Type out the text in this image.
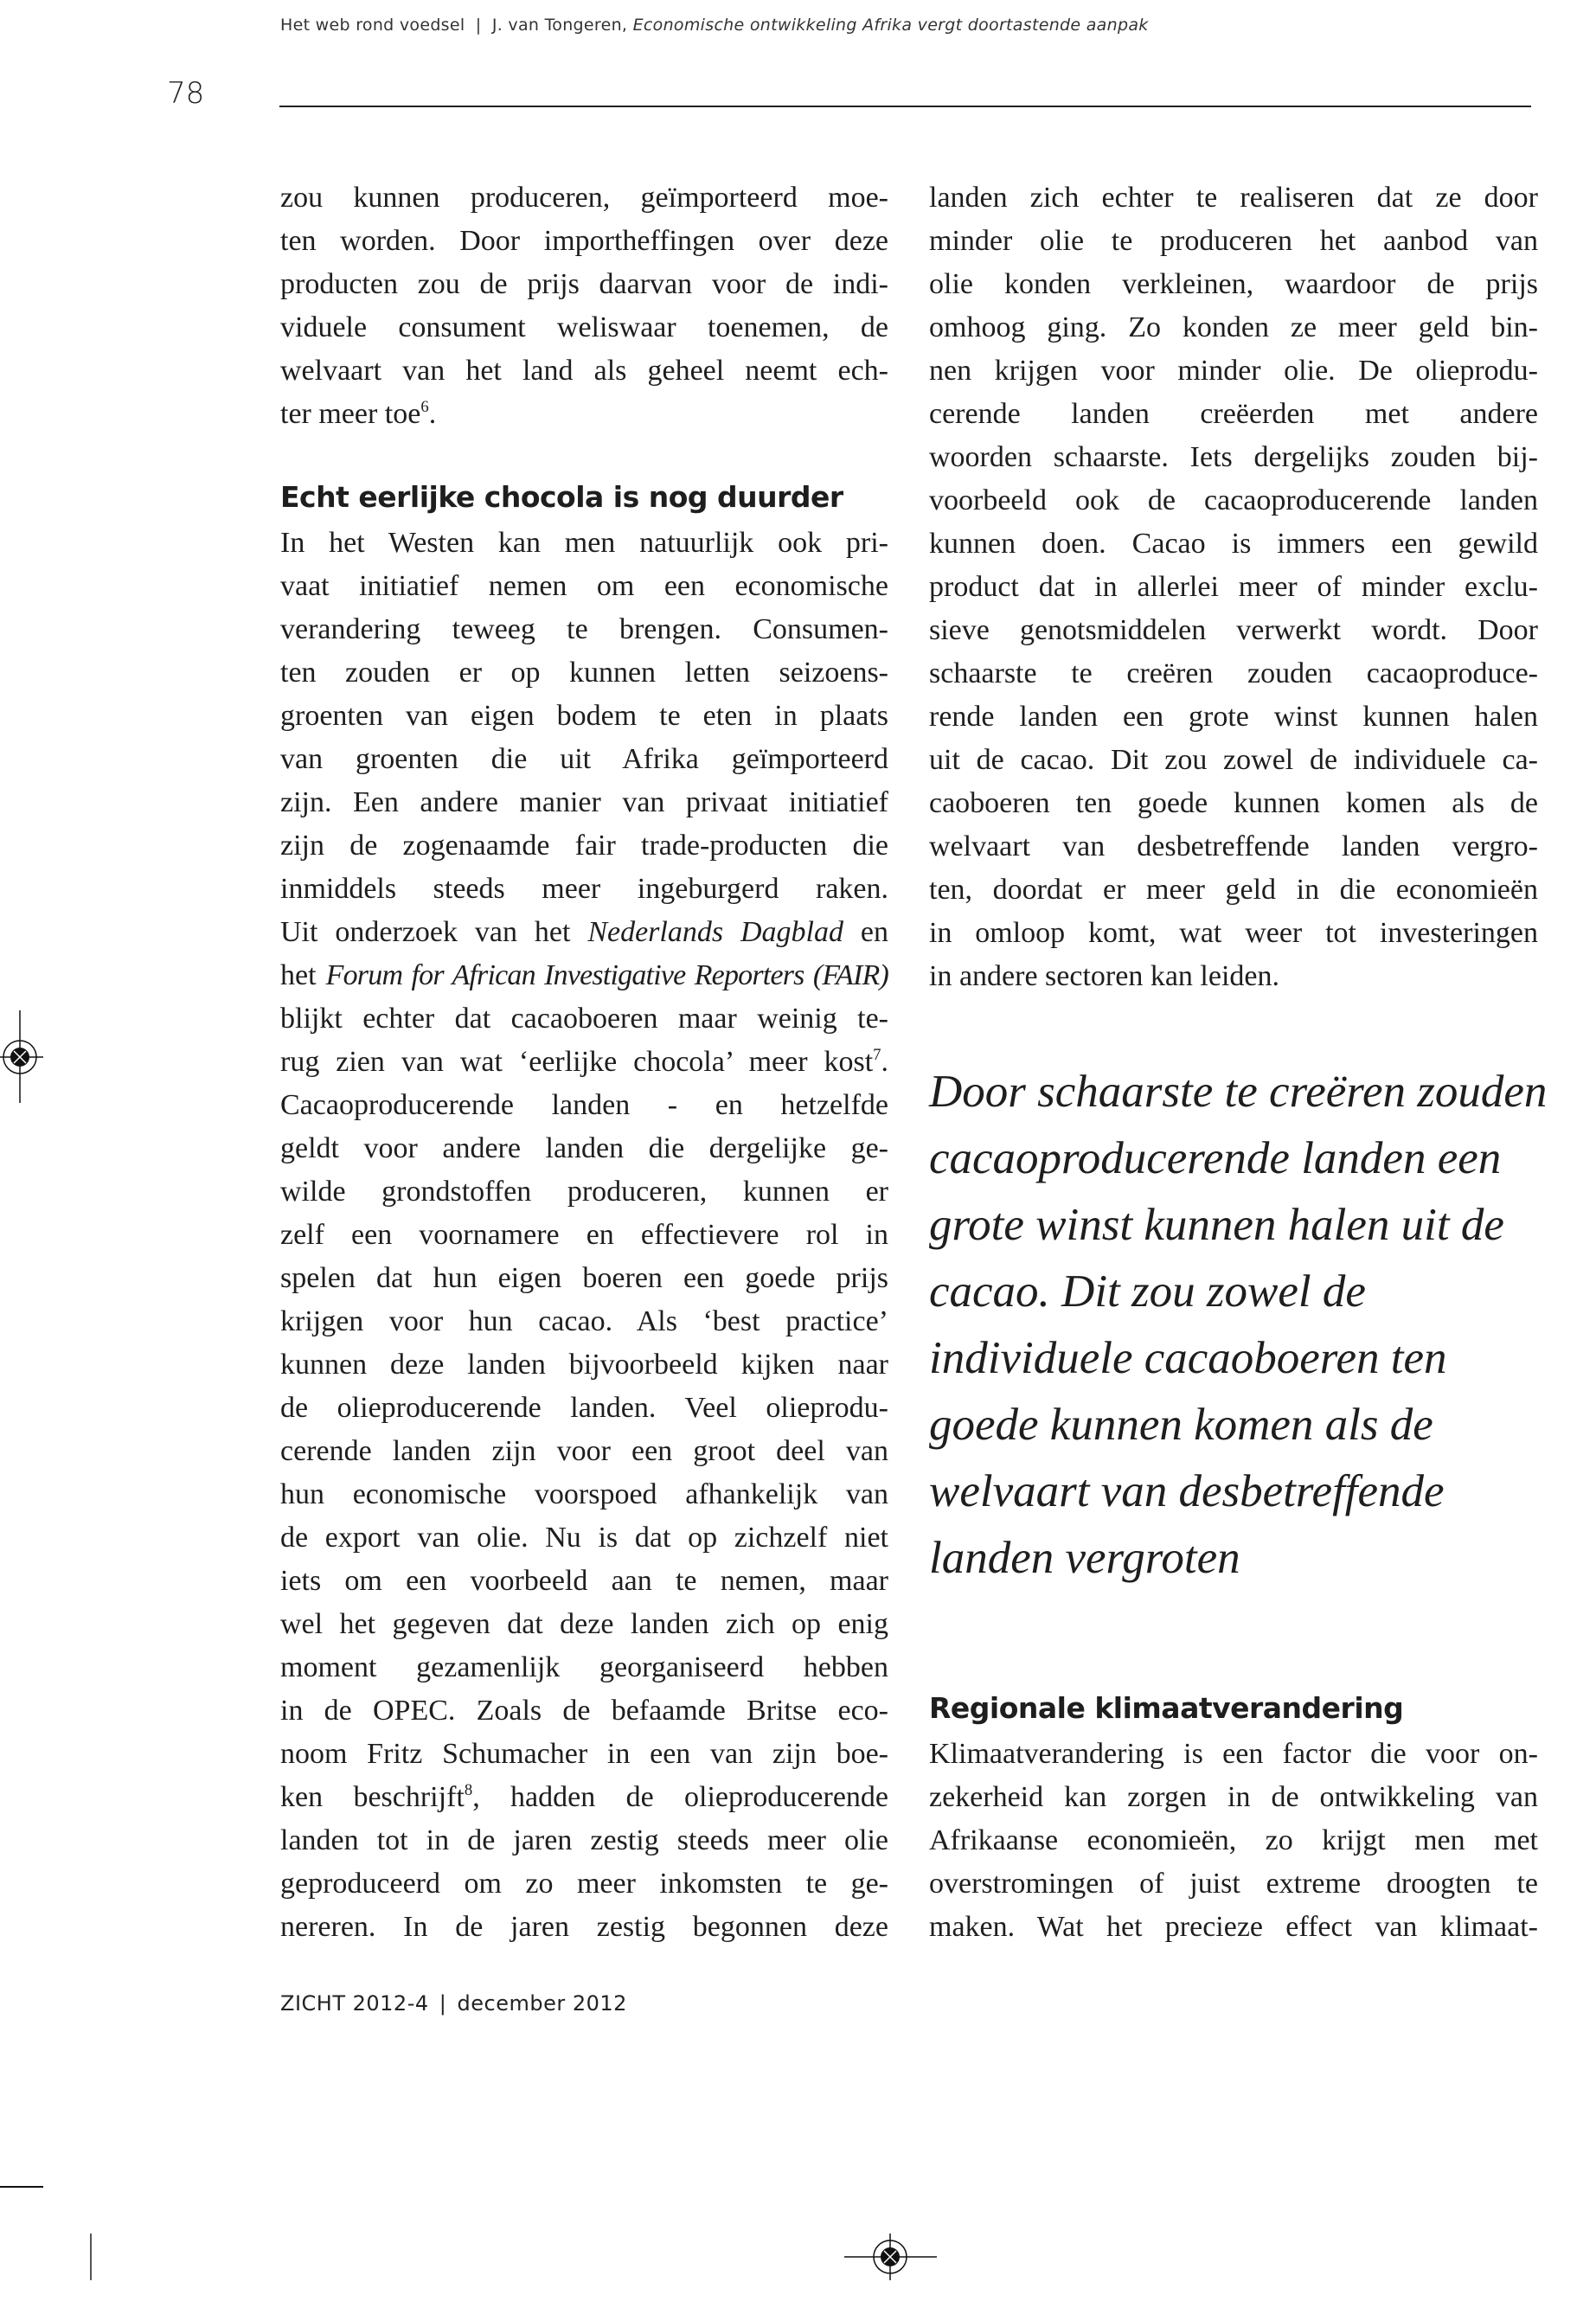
Het web rond voedsel | J. van Tongeren, Economische ontwikkeling Afrika vergt doortastende aanpak
78
zou kunnen produceren, geïmporteerd moe-
ten worden. Door importheffingen over deze
producten zou de prijs daarvan voor de indi-
viduele consument weliswaar toenemen, de
welvaart van het land als geheel neemt ech-
ter meer toe$^6$.
Echt eerlijke chocola is nog duurder
In het Westen kan men natuurlijk ook pri-
vaat initiatief nemen om een economische
verandering teweeg te brengen. Consumen-
ten zouden er op kunnen letten seizoens-
groenten van eigen bodem te eten in plaats
van groenten die uit Afrika geïmporteerd
zijn. Een andere manier van privaat initiatief
zijn de zogenaamde fair trade-producten die
inmiddels steeds meer ingeburgerd raken.
Uit onderzoek van het Nederlands Dagblad en
het Forum for African Investigative Reporters (FAIR)
blijkt echter dat cacaoboeren maar weinig te-
rug zien van wat ‘eerlijke chocola’ meer kost$^7$.
Cacaoproducerende landen - en hetzelfde
geldt voor andere landen die dergelijke ge-
wilde grondstoffen produceren, kunnen er
zelf een voornamere en effectievere rol in
spelen dat hun eigen boeren een goede prijs
krijgen voor hun cacao. Als ‘best practice’
kunnen deze landen bijvoorbeeld kijken naar
de olieproducerende landen. Veel olieprodu-
cerende landen zijn voor een groot deel van
hun economische voorspoed afhankelijk van
de export van olie. Nu is dat op zichzelf niet
iets om een voorbeeld aan te nemen, maar
wel het gegeven dat deze landen zich op enig
moment gezamenlijk georganiseerd hebben
in de OPEC. Zoals de befaamde Britse eco-
noom Fritz Schumacher in een van zijn boe-
ken beschrijft$^8$, hadden de olieproducerende
landen tot in de jaren zestig steeds meer olie
geproduceerd om zo meer inkomsten te ge-
nereren. In de jaren zestig begonnen deze
landen zich echter te realiseren dat ze door
minder olie te produceren het aanbod van
olie konden verkleinen, waardoor de prijs
omhoog ging. Zo konden ze meer geld bin-
nen krijgen voor minder olie. De olieprodu-
cerende landen creëerden met andere
woorden schaarste. Iets dergelijks zouden bij-
voorbeeld ook de cacaoproducerende landen
kunnen doen. Cacao is immers een gewild
product dat in allerlei meer of minder exclu-
sieve genotsmiddelen verwerkt wordt. Door
schaarste te creëren zouden cacaoproduce-
rende landen een grote winst kunnen halen
uit de cacao. Dit zou zowel de individuele ca-
caoboeren ten goede kunnen komen als de
welvaart van desbetreffende landen vergro-
ten, doordat er meer geld in die economieën
in omloop komt, wat weer tot investeringen
in andere sectoren kan leiden.
Door schaarste te creëren zouden
cacaoproducerende landen een
grote winst kunnen halen uit de
cacao. Dit zou zowel de
individuele cacaoboeren ten
goede kunnen komen als de
welvaart van desbetreffende
landen vergroten
Regionale klimaatverandering
Klimaatverandering is een factor die voor on-
zekerheid kan zorgen in de ontwikkeling van
Afrikaanse economieën, zo krijgt men met
overstromingen of juist extreme droogten te
maken. Wat het precieze effect van klimaat-
ZICHT 2012-4 | december 2012
